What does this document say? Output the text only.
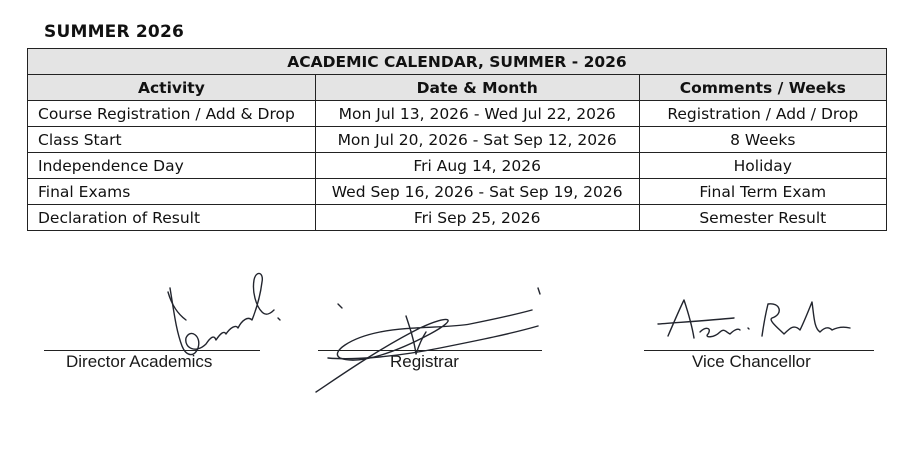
SUMMER 2026
ACADEMIC CALENDAR, SUMMER - 2026		
Activity	Date & Month	Comments / Weeks
Course Registration / Add & Drop	Mon Jul 13, 2026 - Wed Jul 22, 2026	Registration / Add / Drop
Class Start	Mon Jul 20, 2026 - Sat Sep 12, 2026	8 Weeks
Independence Day	Fri Aug 14, 2026	Holiday
Final Exams	Wed Sep 16, 2026 - Sat Sep 19, 2026	Final Term Exam
Declaration of Result	Fri Sep 25, 2026	Semester Result
Director Academics	Registrar	Vice Chancellor
